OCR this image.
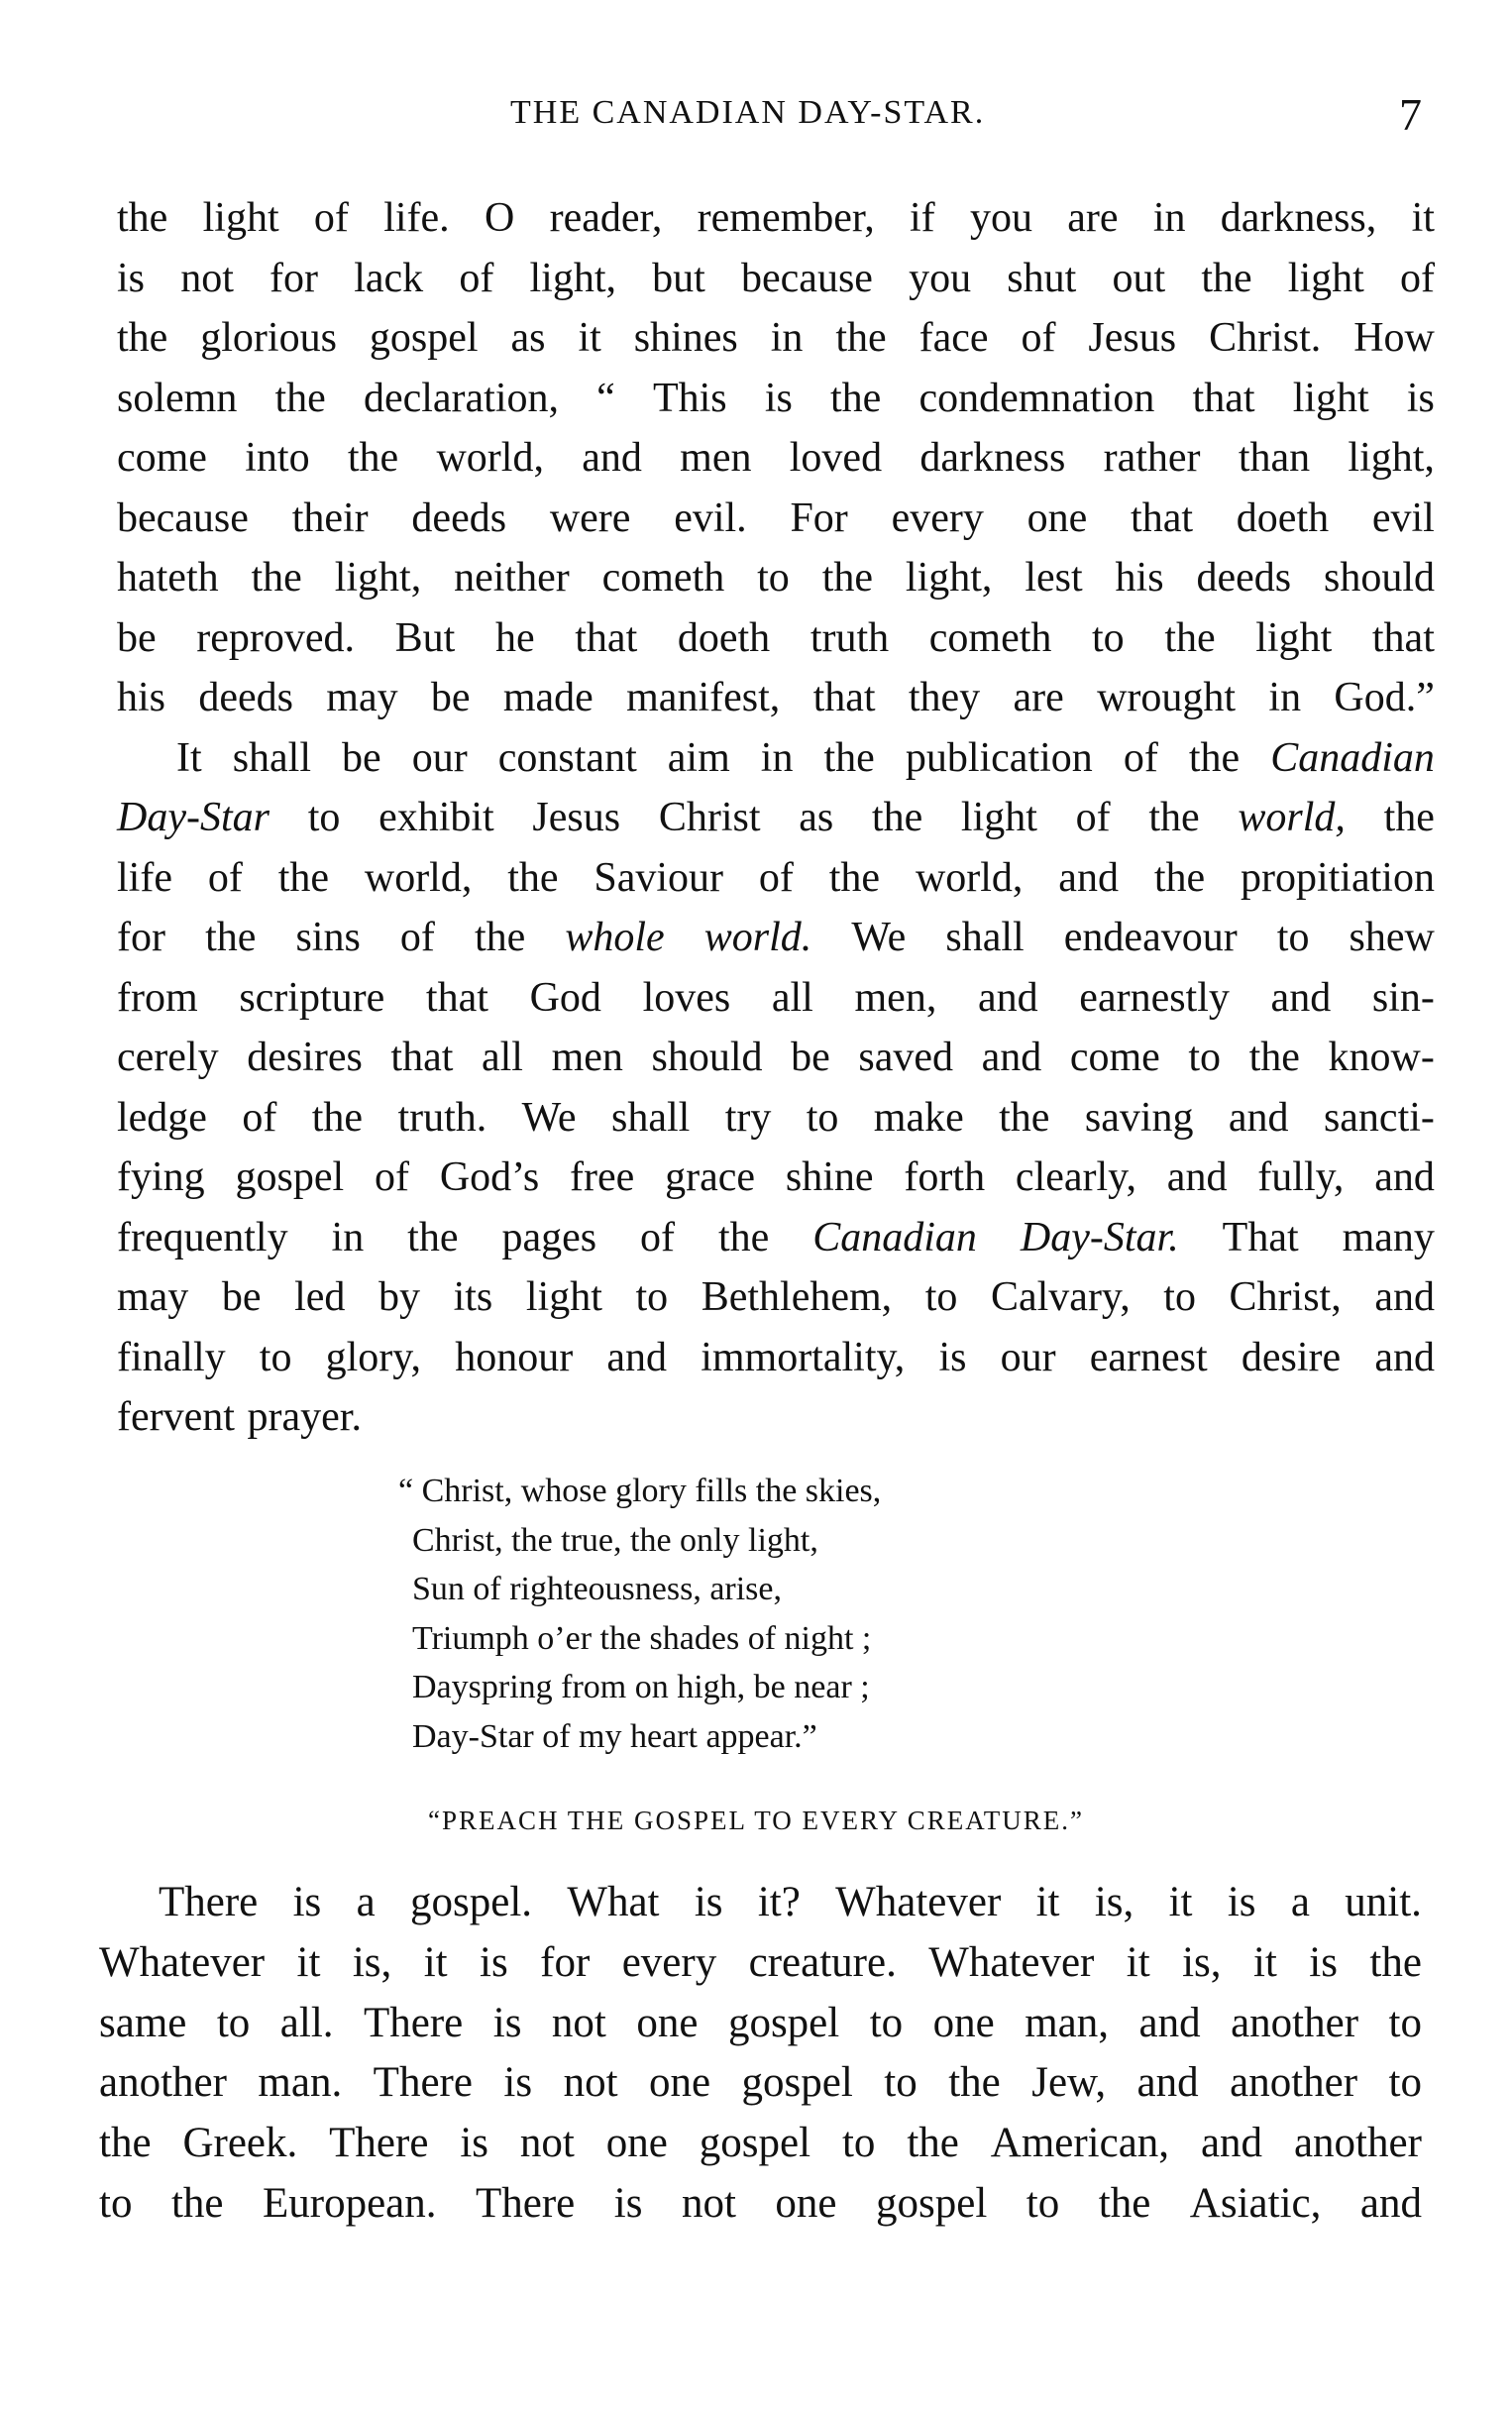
THE CANADIAN DAY-STAR.	7
the light of life. O reader, remember, if you are in darkness, it
is not for lack of light, but because you shut out the light of
the glorious gospel as it shines in the face of Jesus Christ. How
solemn the declaration, “ This is the condemnation that light is
come into the world, and men loved darkness rather than light,
because their deeds were evil. For every one that doeth evil
hateth the light, neither cometh to the light, lest his deeds should
be reproved. But he that doeth truth cometh to the light that
his deeds may be made manifest, that they are wrought in God.”
It shall be our constant aim in the publication of the Canadian
Day-Star to exhibit Jesus Christ as the light of the world, the
life of the world, the Saviour of the world, and the propitiation
for the sins of the whole world. We shall endeavour to shew
from scripture that God loves all men, and earnestly and sin-
cerely desires that all men should be saved and come to the know-
ledge of the truth. We shall try to make the saving and sancti-
fying gospel of God’s free grace shine forth clearly, and fully, and
frequently in the pages of the Canadian Day-Star. That many
may be led by its light to Bethlehem, to Calvary, to Christ, and
finally to glory, honour and immortality, is our earnest desire and
fervent prayer.
“ Christ, whose glory fills the skies,
Christ, the true, the only light,
Sun of righteousness, arise,
Triumph o’er the shades of night ;
Dayspring from on high, be near ;
Day-Star of my heart appear.”
“PREACH THE GOSPEL TO EVERY CREATURE.”
There is a gospel. What is it? Whatever it is, it is a unit.
Whatever it is, it is for every creature. Whatever it is, it is the
same to all. There is not one gospel to one man, and another to
another man. There is not one gospel to the Jew, and another to
the Greek. There is not one gospel to the American, and another
to the European. There is not one gospel to the Asiatic, and
